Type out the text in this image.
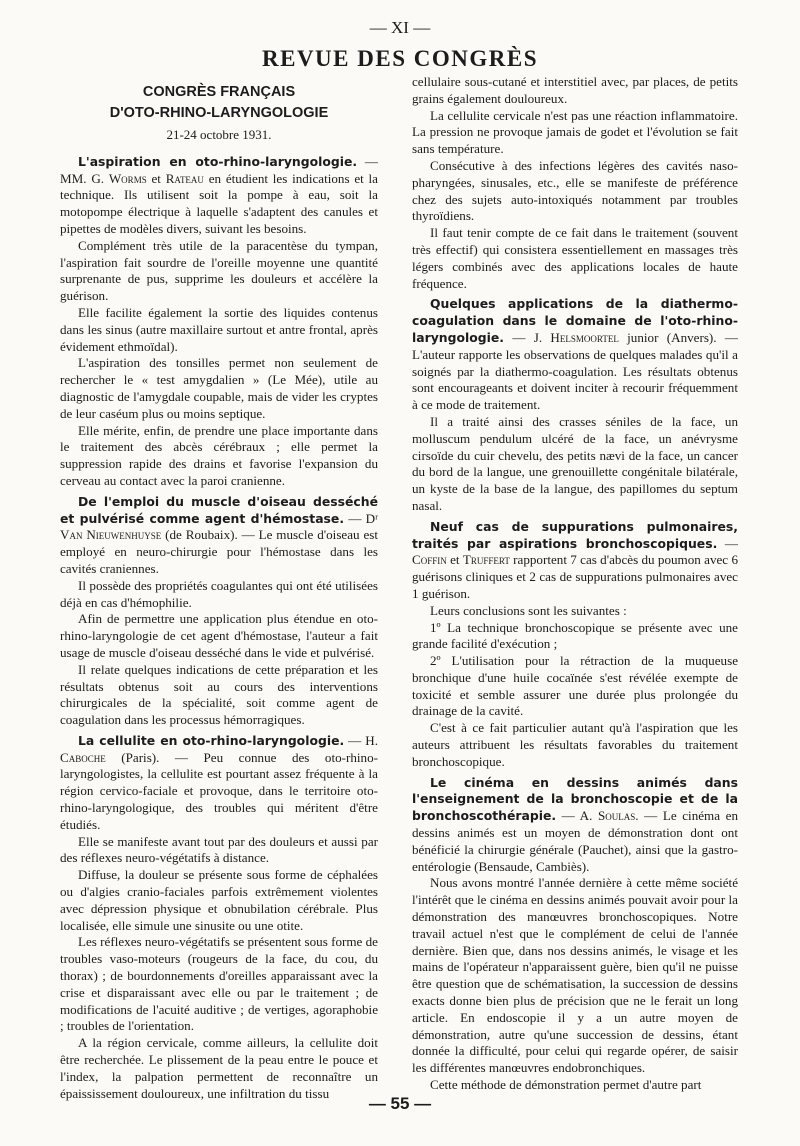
— XI —
REVUE DES CONGRÈS
CONGRÈS FRANÇAIS
D'OTO-RHINO-LARYNGOLOGIE
21-24 octobre 1931.

L'aspiration en oto-rhino-laryngologie. — MM. G. Worms et Rateau en étudient les indications et la technique. Ils utilisent soit la pompe à eau, soit la motopompe électrique à laquelle s'adaptent des canules et pipettes de modèles divers, suivant les besoins.

Complément très utile de la paracentèse du tympan, l'aspiration fait sourdre de l'oreille moyenne une quantité surprenante de pus, supprime les douleurs et accélère la guérison.

Elle facilite également la sortie des liquides contenus dans les sinus (autre maxillaire surtout et antre frontal, après évidement ethmoïdal).

L'aspiration des tonsilles permet non seulement de rechercher le « test amygdalien » (Le Mée), utile au diagnostic de l'amygdale coupable, mais de vider les cryptes de leur caséum plus ou moins septique.

Elle mérite, enfin, de prendre une place importante dans le traitement des abcès cérébraux ; elle permet la suppression rapide des drains et favorise l'expansion du cerveau au contact avec la paroi cranienne.

De l'emploi du muscle d'oiseau desséché et pulvérisé comme agent d'hémostase. — Dʳ Van Nieuwenhuyse (de Roubaix). — Le muscle d'oiseau est employé en neuro-chirurgie pour l'hémostase dans les cavités craniennes.

Il possède des propriétés coagulantes qui ont été utilisées déjà en cas d'hémophilie.

Afin de permettre une application plus étendue en oto-rhino-laryngologie de cet agent d'hémostase, l'auteur a fait usage de muscle d'oiseau desséché dans le vide et pulvérisé.

Il relate quelques indications de cette préparation et les résultats obtenus soit au cours des interventions chirurgicales de la spécialité, soit comme agent de coagulation dans les processus hémorragiques.

La cellulite en oto-rhino-laryngologie. — H. Caboche (Paris). — Peu connue des oto-rhino-laryngologistes, la cellulite est pourtant assez fréquente à la région cervico-faciale et provoque, dans le territoire oto-rhino-laryngologique, des troubles qui méritent d'être étudiés.

Elle se manifeste avant tout par des douleurs et aussi par des réflexes neuro-végétatifs à distance.

Diffuse, la douleur se présente sous forme de céphalées ou d'algies cranio-faciales parfois extrêmement violentes avec dépression physique et obnubilation cérébrale. Plus localisée, elle simule une sinusite ou une otite.

Les réflexes neuro-végétatifs se présentent sous forme de troubles vaso-moteurs (rougeurs de la face, du cou, du thorax) ; de bourdonnements d'oreilles apparaissant avec la crise et disparaissant avec elle ou par le traitement ; de modifications de l'acuité auditive ; de vertiges, agoraphobie ; troubles de l'orientation.

A la région cervicale, comme ailleurs, la cellulite doit être recherchée. Le plissement de la peau entre le pouce et l'index, la palpation permettent de reconnaître un épaississement douloureux, une infiltration du tissu

cellulaire sous-cutané et interstitiel avec, par places, de petits grains également douloureux.

La cellulite cervicale n'est pas une réaction inflammatoire. La pression ne provoque jamais de godet et l'évolution se fait sans température.

Consécutive à des infections légères des cavités naso-pharyngées, sinusales, etc., elle se manifeste de préférence chez des sujets auto-intoxiqués notamment par troubles thyroïdiens.

Il faut tenir compte de ce fait dans le traitement (souvent très effectif) qui consistera essentiellement en massages très légers combinés avec des applications locales de haute fréquence.

Quelques applications de la diathermo-coagulation dans le domaine de l'oto-rhino-laryngologie. — J. Helsmoortel junior (Anvers). — L'auteur rapporte les observations de quelques malades qu'il a soignés par la diathermo-coagulation. Les résultats obtenus sont encourageants et doivent inciter à recourir fréquemment à ce mode de traitement.

Il a traité ainsi des crasses séniles de la face, un molluscum pendulum ulcéré de la face, un anévrysme cirsoïde du cuir chevelu, des petits nævi de la face, un cancer du bord de la langue, une grenouillette congénitale bilatérale, un kyste de la base de la langue, des papillomes du septum nasal.

Neuf cas de suppurations pulmonaires, traités par aspirations bronchoscopiques. — Coffin et Truffert rapportent 7 cas d'abcès du poumon avec 6 guérisons cliniques et 2 cas de suppurations pulmonaires avec 1 guérison.

Leurs conclusions sont les suivantes :

1º La technique bronchoscopique se présente avec une grande facilité d'exécution ;

2º L'utilisation pour la rétraction de la muqueuse bronchique d'une huile cocaïnée s'est révélée exempte de toxicité et semble assurer une durée plus prolongée du drainage de la cavité.

C'est à ce fait particulier autant qu'à l'aspiration que les auteurs attribuent les résultats favorables du traitement bronchoscopique.

Le cinéma en dessins animés dans l'enseignement de la bronchoscopie et de la bronchoscothérapie. — A. Soulas. — Le cinéma en dessins animés est un moyen de démonstration dont ont bénéficié la chirurgie générale (Pauchet), ainsi que la gastro-entérologie (Bensaude, Cambiès).

Nous avons montré l'année dernière à cette même société l'intérêt que le cinéma en dessins animés pouvait avoir pour la démonstration des manœuvres bronchoscopiques. Notre travail actuel n'est que le complément de celui de l'année dernière. Bien que, dans nos dessins animés, le visage et les mains de l'opérateur n'apparaissent guère, bien qu'il ne puisse être question que de schématisation, la succession de dessins exacts donne bien plus de précision que ne le ferait un long article. En endoscopie il y a un autre moyen de démonstration, autre qu'une succession de dessins, étant donnée la difficulté, pour celui qui regarde opérer, de saisir les différentes manœuvres endobronchiques.

Cette méthode de démonstration permet d'autre part

— 55 —
